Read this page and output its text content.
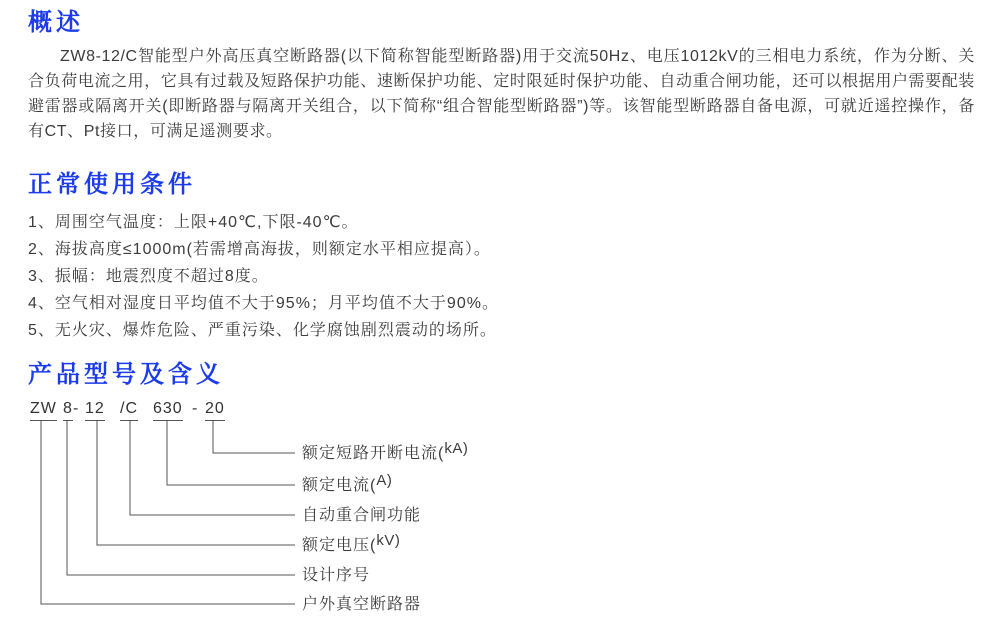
概述

ZW8-12/C智能型户外高压真空断路器(以下简称智能型断路器)用于交流50Hz、电压1012kV的三相电力系统，作为分断、关合负荷电流之用，它具有过载及短路保护功能、速断保护功能、定时限延时保护功能、自动重合闸功能，还可以根据用户需要配装避雷器或隔离开关(即断路器与隔离开关组合，以下简称“组合智能型断路器”)等。该智能型断路器自备电源，可就近遥控操作，备有CT、Pt接口，可满足遥测要求。

正常使用条件
1、周围空气温度：上限+40℃,下限-40℃。
2、海拔高度≤1000m(若需增高海拔，则额定水平相应提高）。
3、振幅：地震烈度不超过8度。
4、空气相对湿度日平均值不大于95%；月平均值不大于90%。
5、无火灾、爆炸危险、严重污染、化学腐蚀剧烈震动的场所。
产品型号及含义
ZW 8 - 12 /C 630 - 20
额定短路开断电流(kA)
额定电流(A)
自动重合闸功能
额定电压(kV)
设计序号
户外真空断路器
